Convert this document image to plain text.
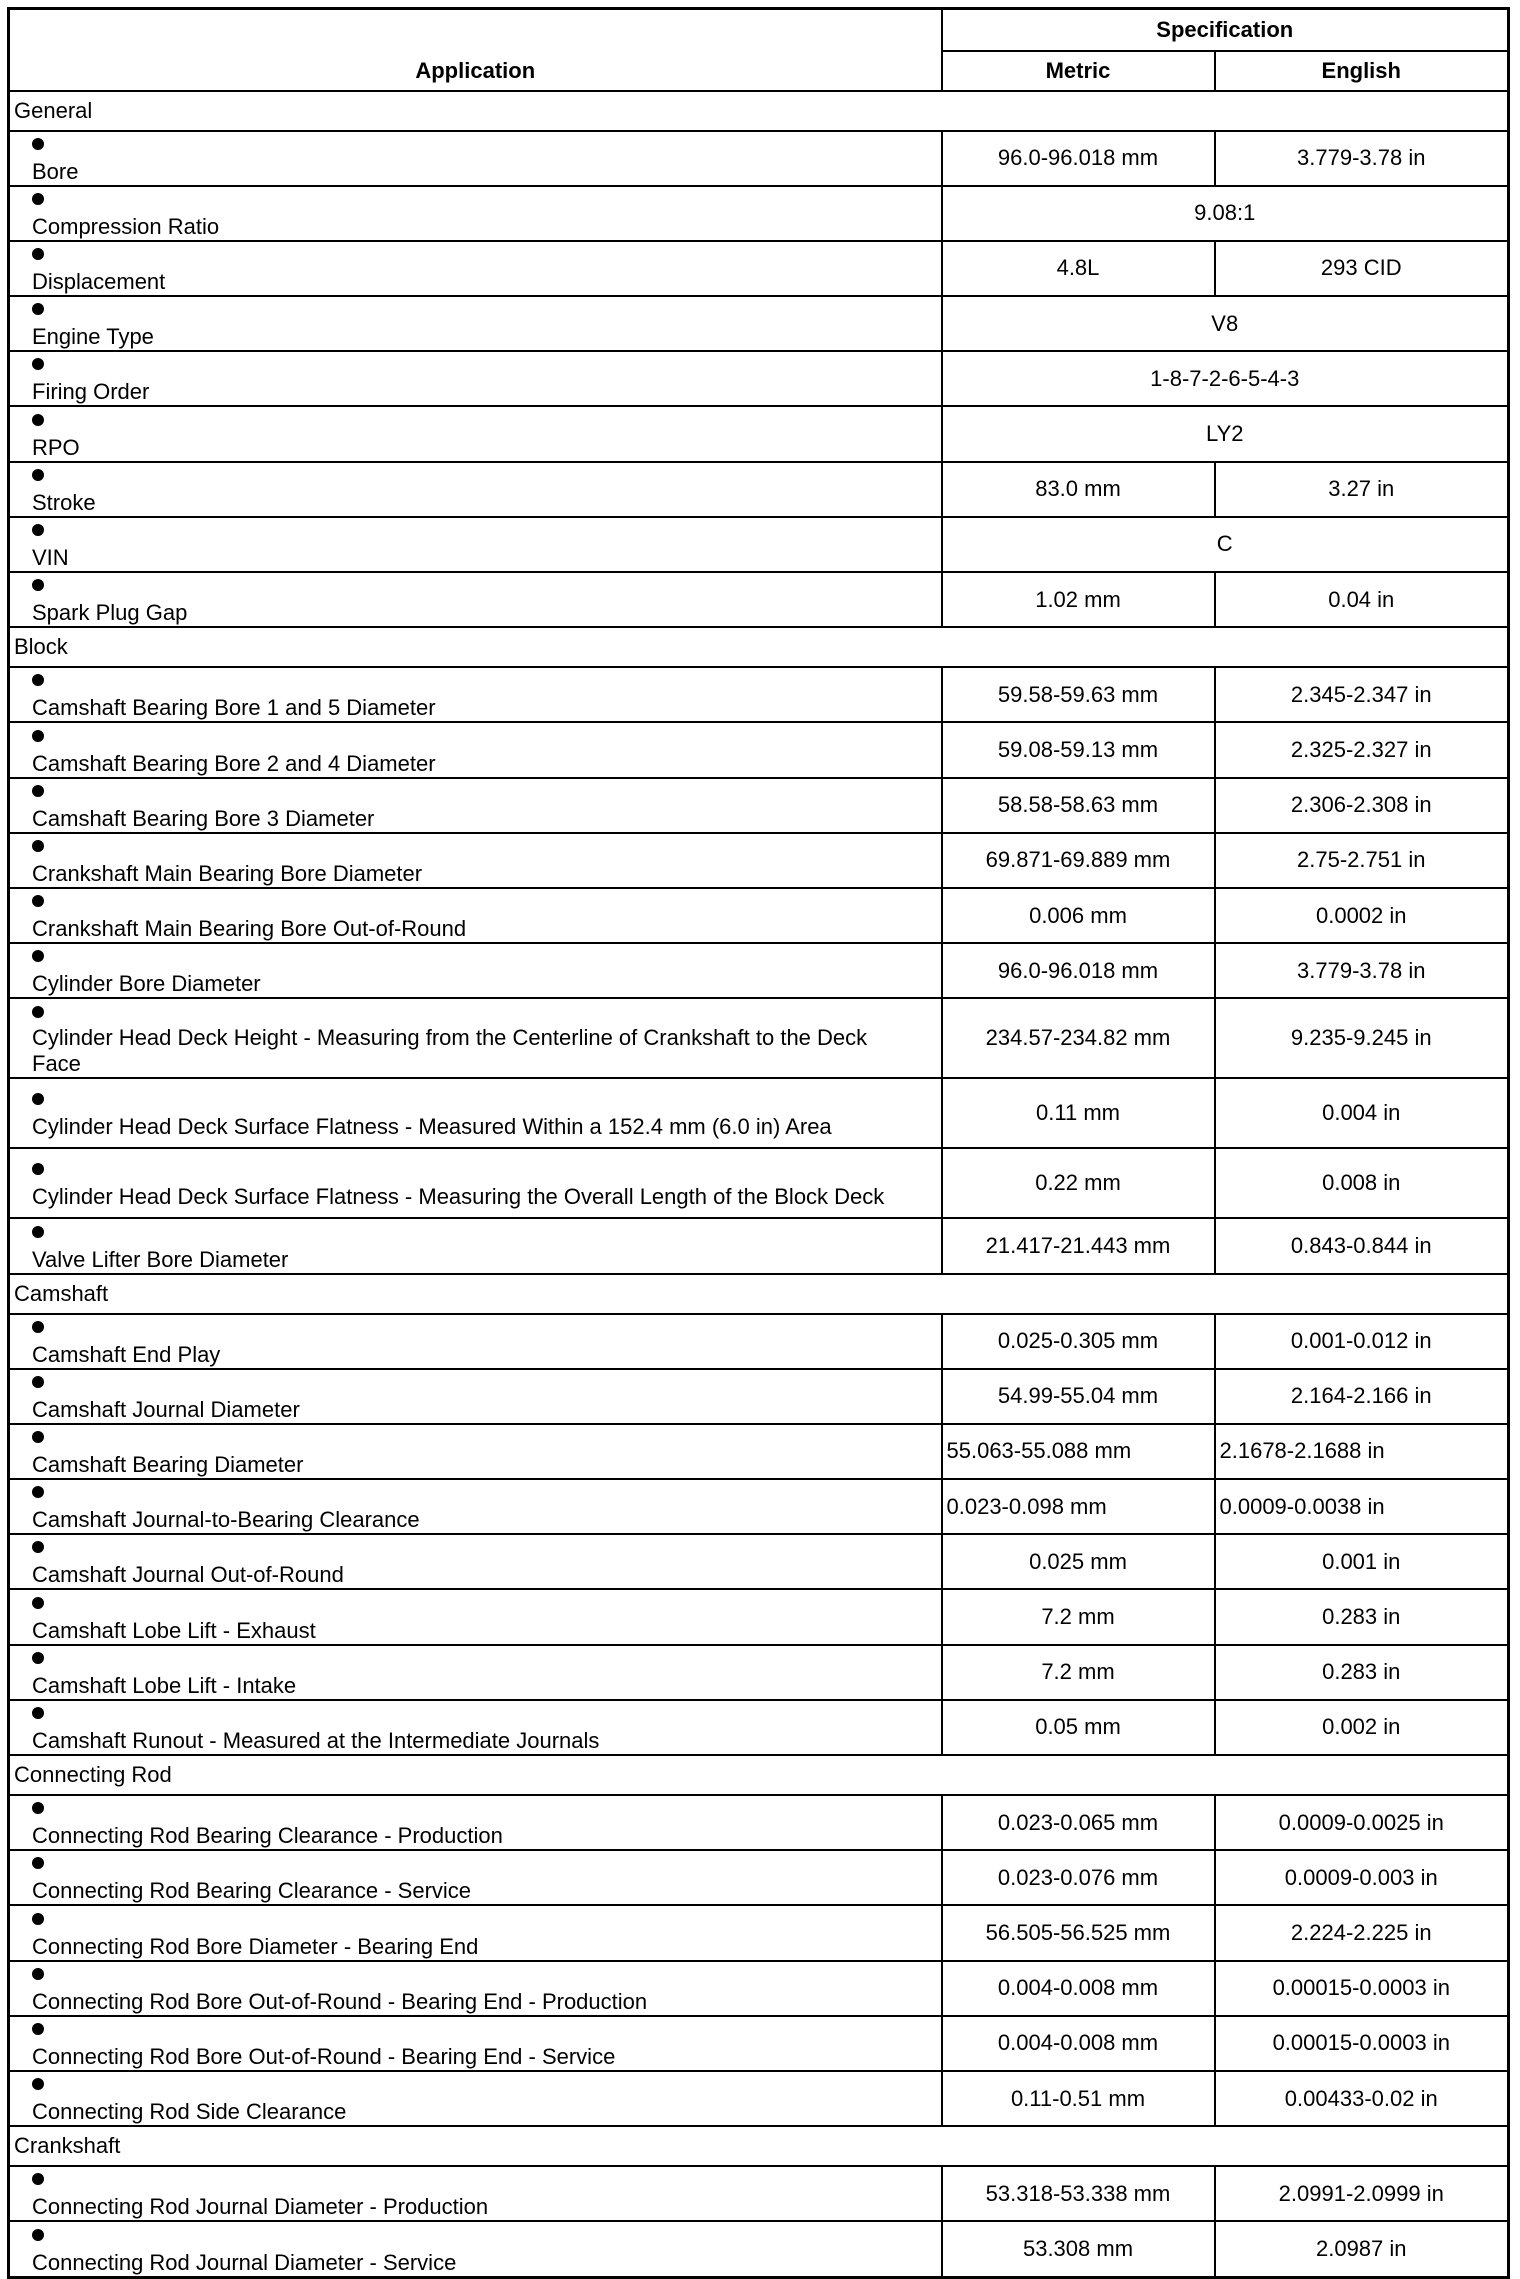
Application	Specification	
	Metric	English
General		
Bore	96.0-96.018 mm	3.779-3.78 in
Compression Ratio	9.08:1	
Displacement	4.8L	293 CID
Engine Type	V8	
Firing Order	1-8-7-2-6-5-4-3	
RPO	LY2	
Stroke	83.0 mm	3.27 in
VIN	C	
Spark Plug Gap	1.02 mm	0.04 in
Block		
Camshaft Bearing Bore 1 and 5 Diameter	59.58-59.63 mm	2.345-2.347 in
Camshaft Bearing Bore 2 and 4 Diameter	59.08-59.13 mm	2.325-2.327 in
Camshaft Bearing Bore 3 Diameter	58.58-58.63 mm	2.306-2.308 in
Crankshaft Main Bearing Bore Diameter	69.871-69.889 mm	2.75-2.751 in
Crankshaft Main Bearing Bore Out-of-Round	0.006 mm	0.0002 in
Cylinder Bore Diameter	96.0-96.018 mm	3.779-3.78 in
Cylinder Head Deck Height - Measuring from the Centerline of Crankshaft to the Deck Face	234.57-234.82 mm	9.235-9.245 in
Cylinder Head Deck Surface Flatness - Measured Within a 152.4 mm (6.0 in) Area	0.11 mm	0.004 in
Cylinder Head Deck Surface Flatness - Measuring the Overall Length of the Block Deck	0.22 mm	0.008 in
Valve Lifter Bore Diameter	21.417-21.443 mm	0.843-0.844 in
Camshaft		
Camshaft End Play	0.025-0.305 mm	0.001-0.012 in
Camshaft Journal Diameter	54.99-55.04 mm	2.164-2.166 in
Camshaft Bearing Diameter	55.063-55.088 mm	2.1678-2.1688 in
Camshaft Journal-to-Bearing Clearance	0.023-0.098 mm	0.0009-0.0038 in
Camshaft Journal Out-of-Round	0.025 mm	0.001 in
Camshaft Lobe Lift - Exhaust	7.2 mm	0.283 in
Camshaft Lobe Lift - Intake	7.2 mm	0.283 in
Camshaft Runout - Measured at the Intermediate Journals	0.05 mm	0.002 in
Connecting Rod		
Connecting Rod Bearing Clearance - Production	0.023-0.065 mm	0.0009-0.0025 in
Connecting Rod Bearing Clearance - Service	0.023-0.076 mm	0.0009-0.003 in
Connecting Rod Bore Diameter - Bearing End	56.505-56.525 mm	2.224-2.225 in
Connecting Rod Bore Out-of-Round - Bearing End - Production	0.004-0.008 mm	0.00015-0.0003 in
Connecting Rod Bore Out-of-Round - Bearing End - Service	0.004-0.008 mm	0.00015-0.0003 in
Connecting Rod Side Clearance	0.11-0.51 mm	0.00433-0.02 in
Crankshaft		
Connecting Rod Journal Diameter - Production	53.318-53.338 mm	2.0991-2.0999 in
Connecting Rod Journal Diameter - Service	53.308 mm	2.0987 in
